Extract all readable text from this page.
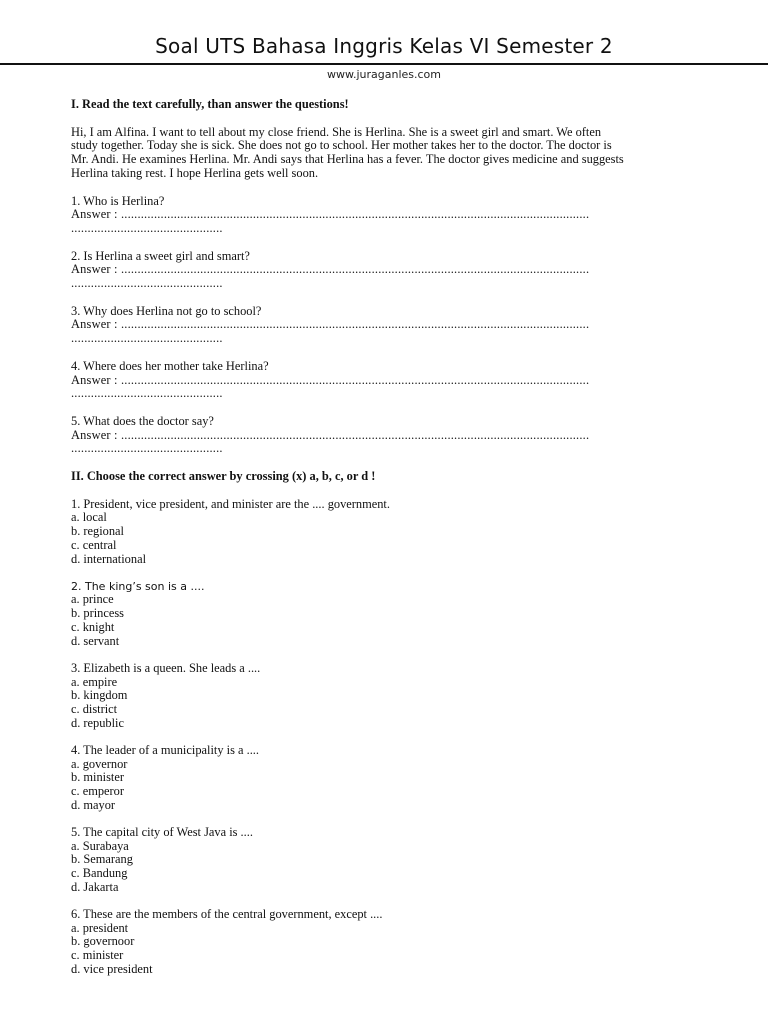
Soal UTS Bahasa Inggris Kelas VI Semester 2
www.juraganles.com
I. Read the text carefully, than answer the questions!
Hi, I am Alfina. I want to tell about my close friend. She is Herlina. She is a sweet girl and smart. We often
study together. Today she is sick. She does not go to school. Her mother takes her to the doctor. The doctor is
Mr. Andi. He examines Herlina. Mr. Andi says that Herlina has a fever. The doctor gives medicine and suggests
Herlina taking rest. I hope Herlina gets well soon.
1. Who is Herlina?
Answer : ..............................................................................................................................................
..............................................
2. Is Herlina a sweet girl and smart?
Answer : ..............................................................................................................................................
..............................................
3. Why does Herlina not go to school?
Answer : ..............................................................................................................................................
..............................................
4. Where does her mother take Herlina?
Answer : ..............................................................................................................................................
..............................................
5. What does the doctor say?
Answer : ..............................................................................................................................................
..............................................
II. Choose the correct answer by crossing (x) a, b, c, or d !
1. President, vice president, and minister are the .... government.
a. local
b. regional
c. central
d. international
2. The king’s son is a ....
a. prince
b. princess
c. knight
d. servant
3. Elizabeth is a queen. She leads a ....
a. empire
b. kingdom
c. district
d. republic
4. The leader of a municipality is a ....
a. governor
b. minister
c. emperor
d. mayor
5. The capital city of West Java is ....
a. Surabaya
b. Semarang
c. Bandung
d. Jakarta
6. These are the members of the central government, except ....
a. president
b. governoor
c. minister
d. vice president
